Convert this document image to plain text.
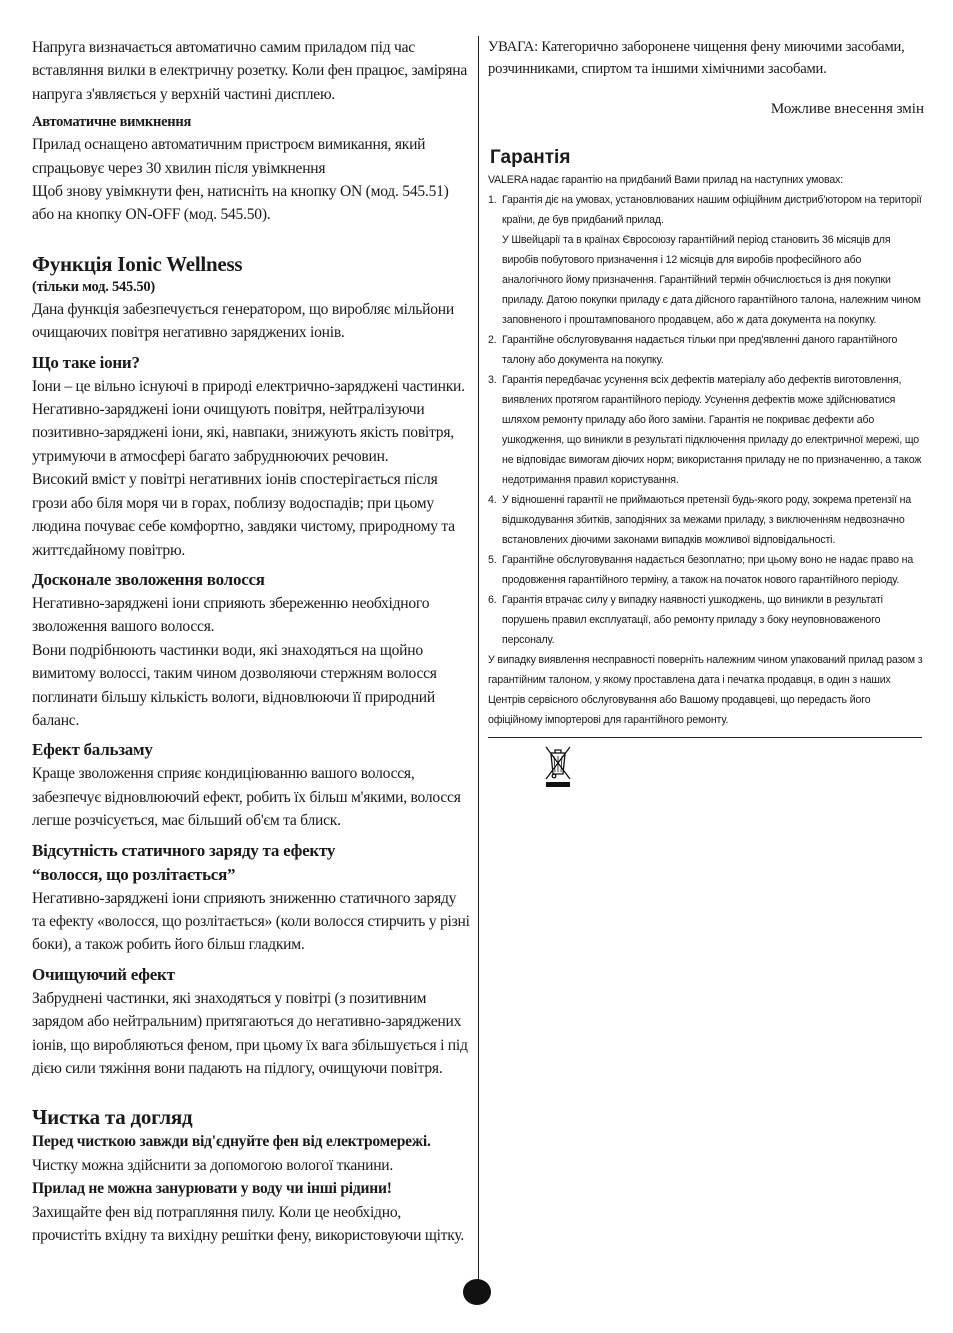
Напруга визначається автоматично самим приладом під час вставляння вилки в електричну розетку. Коли фен працює, заміряна напруга з'являється у верхній частині дисплею.

Автоматичне вимкнення

Прилад оснащено автоматичним пристроєм вимикання, який спрацьовує через 30 хвилин після увімкнення

Щоб знову увімкнути фен, натисніть на кнопку ON (мод. 545.51) або на кнопку ON-OFF (мод. 545.50).

Функція Ionic Wellness
(тільки мод. 545.50)

Дана функція забезпечується генератором, що виробляє мільйони очищаючих повітря негативно заряджених іонів.

Що таке іони?

Іони – це вільно існуючі в природі електрично-заряджені частинки. Негативно-заряджені іони очищують повітря, нейтралізуючи позитивно-заряджені іони, які, навпаки, знижують якість повітря, утримуючи в атмосфері багато забруднюючих речовин.

Високий вміст у повітрі негативних іонів спостерігається після грози або біля моря чи в горах, поблизу водоспадів; при цьому людина почуває себе комфортно, завдяки чистому, природному та життєдайному повітрю.

Досконале зволоження волосся

Негативно-заряджені іони сприяють збереженню необхідного зволоження вашого волосся.

Вони подрібнюють частинки води, які знаходяться на щойно вимитому волоссі, таким чином дозволяючи стержням волосся поглинати більшу кількість вологи, відновлюючи її природний баланс.

Ефект бальзаму

Краще зволоження сприяє кондиціюванню вашого волосся, забезпечує відновлюючий ефект, робить їх більш м'якими, волосся легше розчісується, має більший об'єм та блиск.

Відсутність статичного заряду та ефекту
“волосся, що розлітається”

Негативно-заряджені іони сприяють зниженню статичного заряду та ефекту «волосся, що розлітається» (коли волосся стирчить у різні боки), а також робить його більш гладким.

Очищуючий ефект

Забруднені частинки, які знаходяться у повітрі (з позитивним зарядом або нейтральним) притягаються до негативно-заряджених іонів, що виробляються феном, при цьому їх вага збільшується і під дією сили тяжіння вони падають на підлогу, очищуючи повітря.

Чистка та догляд

Перед чисткою завжди від'єднуйте фен від електромережі.

Чистку можна здійснити за допомогою вологої тканини.

Прилад не можна занурювати у воду чи інші рідини!

Захищайте фен від потрапляння пилу. Коли це необхідно, прочистіть вхідну та вихідну решітки фену, використовуючи щітку.

УВАГА: Категорично заборонене чищення фену миючими засобами, розчинниками, спиртом та іншими хімічними засобами.

Можливе внесення змін

Гарантія

VALERA надає гарантію на придбаний Вами прилад на наступних умовах:

1. Гарантія діє на умовах, установлюваних нашим офіційним дистриб'ютором на території країни, де був придбаний прилад.
У Швейцарії та в країнах Євросоюзу гарантійний період становить 36 місяців для виробів побутового призначення і 12 місяців для виробів професійного або аналогічного йому призначення. Гарантійний термін обчислюється із дня покупки приладу. Датою покупки приладу є дата дійсного гарантійного талона, належним чином заповненого і проштампованого продавцем, або ж дата документа на покупку.
2. Гарантійне обслуговування надається тільки при пред'явленні даного гарантійного талону або документа на покупку.
3. Гарантія передбачає усунення всіх дефектів матеріалу або дефектів виготовлення, виявлених протягом гарантійного періоду. Усунення дефектів може здійснюватися шляхом ремонту приладу або його заміни. Гарантія не покриває дефекти або ушкодження, що виникли в результаті підключення приладу до електричної мережі, що не відповідає вимогам діючих норм; використання приладу не по призначенню, а також недотримання правил користування.
4. У відношенні гарантії не приймаються претензії будь-якого роду, зокрема претензії на відшкодування збитків, заподіяних за межами приладу, з виключенням недвозначно встановлених діючими законами випадків можливої відповідальності.
5. Гарантійне обслуговування надається безоплатно; при цьому воно не надає право на продовження гарантійного терміну, а також на початок нового гарантійного періоду.
6. Гарантія втрачає силу у випадку наявності ушкоджень, що виникли в результаті порушень правил експлуатації, або ремонту приладу з боку неуповноваженого персоналу.

У випадку виявлення несправності поверніть належним чином упакований прилад разом з гарантійним талоном, у якому проставлена дата і печатка продавця, в один з наших Центрів сервісного обслуговування або Вашому продавцеві, що передасть його офіційному імпортерові для гарантійного ремонту.
